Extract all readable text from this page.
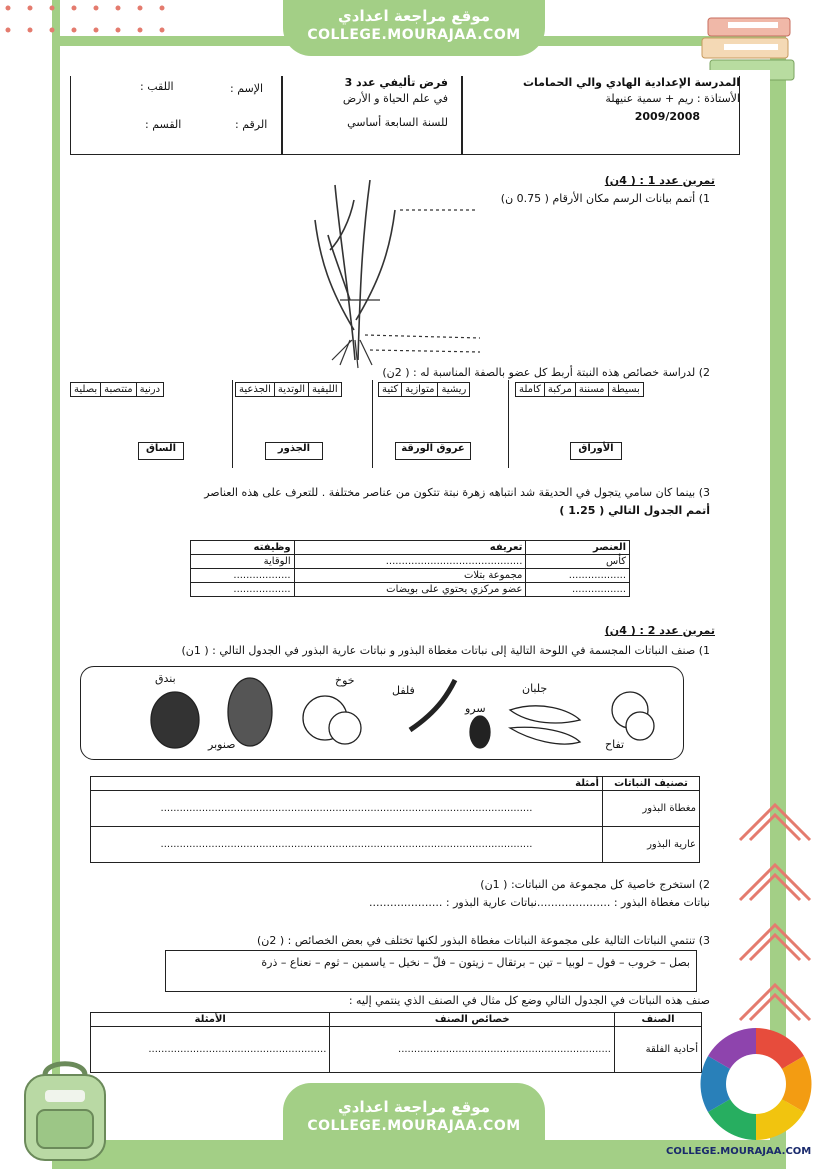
موقع مراجعة اعدادي
COLLEGE.MOURAJAA.COM
المدرسة الإعدادية الهادي والي الحمامات
الأستاذة : ريم + سمية عنيهلة
2009/2008
فرض تأليفي عدد 3
في علم الحياة و الأرض
للسنة السابعة أساسي
الإسم :
اللقب :
الرقم :
القسم :
تمرين عدد 1 : ( 4ن)
1) أتمم بيانات الرسم مكان الأرقام ( 0.75 ن)
2) لدراسة خصائص هذه النبتة أربط كل عضو بالصفة المناسبة له : ( 2ن)
بصلية	متتصبة	درنية	الجذعية	الوتدية	الليفية	كثية	متوازية	ريشية	كاملة	مركبة	مسننة	بسيطة
الساق	الجذور	عروق الورقة	الأوراق
3) بينما كان سامي يتجول في الحديقة شد انتباهه زهرة نبتة تتكون من عناصر مختلفة . للتعرف على هذه العناصر
أتمم الجدول التالي ( 1.25 )
العنصر	تعريفه	وظيفته
كأس	...........................................	الوقاية
..................	مجموعة بتلات	..................
.................	عضو مركزي يحتوي على بويضات	..................
تمرين عدد 2 : ( 4ن)
1) صنف النباتات المجسمة في اللوحة التالية إلى نباتات مغطاة البذور و نباتات عارية البذور في الجدول التالي : ( 1ن)
بندق
صنوبر
خوخ
فلفل
سرو
جلبان
تفاح
تصنيف النباتات	أمثلة
مغطاة البذور	.....................................................................................................................
عارية البذور	.....................................................................................................................
2) استخرج خاصية كل مجموعة من النباتات: ( 1ن)
نباتات مغطاة البذور : .....................نباتات عارية البذور : .....................
3) تنتمي النباتات التالية على مجموعة النباتات مغطاة البذور لكنها تختلف في بعض الخصائص : ( 2ن)
بصل – خروب – فول – لوبيا – تين – برتقال – زيتون – فلّ – نخيل – ياسمين – ثوم – نعناع – ذرة
صنف هذه النباتات في الجدول التالي وضع كل مثال في الصنف الذي ينتمي إليه :
الصنف	خصائص الصنف	الأمثلة
أحادية الفلقة	...................................................................	........................................................
موقع مراجعة اعدادي
COLLEGE.MOURAJAA.COM
COLLEGE.MOURAJAA.COM
